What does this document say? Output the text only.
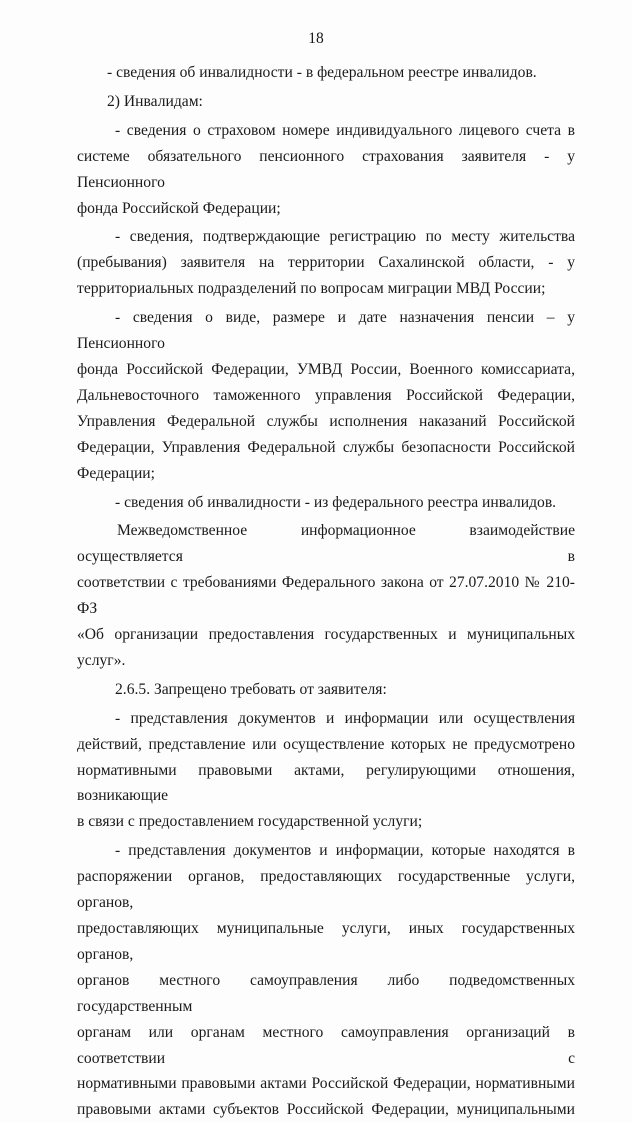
18

- сведения об инвалидности - в федеральном реестре инвалидов.

2) Инвалидам:

- сведения о страховом номере индивидуального лицевого счета в
системе обязательного пенсионного страхования заявителя - у Пенсионного
фонда Российской Федерации;

- сведения, подтверждающие регистрацию по месту жительства
(пребывания) заявителя на территории Сахалинской области, - у
территориальных подразделений по вопросам миграции МВД России;

- сведения о виде, размере и дате назначения пенсии – у Пенсионного
фонда Российской Федерации, УМВД России, Военного комиссариата,
Дальневосточного таможенного управления Российской Федерации,
Управления Федеральной службы исполнения наказаний Российской
Федерации, Управления Федеральной службы безопасности Российской
Федерации;

- сведения об инвалидности - из федерального реестра инвалидов.

Межведомственное информационное взаимодействие осуществляется в
соответствии с требованиями Федерального закона от 27.07.2010 № 210-ФЗ
«Об организации предоставления государственных и муниципальных услуг».

2.6.5. Запрещено требовать от заявителя:

- представления документов и информации или осуществления
действий, представление или осуществление которых не предусмотрено
нормативными правовыми актами, регулирующими отношения, возникающие
в связи с предоставлением государственной услуги;

- представления документов и информации, которые находятся в
распоряжении органов, предоставляющих государственные услуги, органов,
предоставляющих муниципальные услуги, иных государственных органов,
органов местного самоуправления либо подведомственных государственным
органам или органам местного самоуправления организаций в соответствии с
нормативными правовыми актами Российской Федерации, нормативными
правовыми актами субъектов Российской Федерации, муниципальными
